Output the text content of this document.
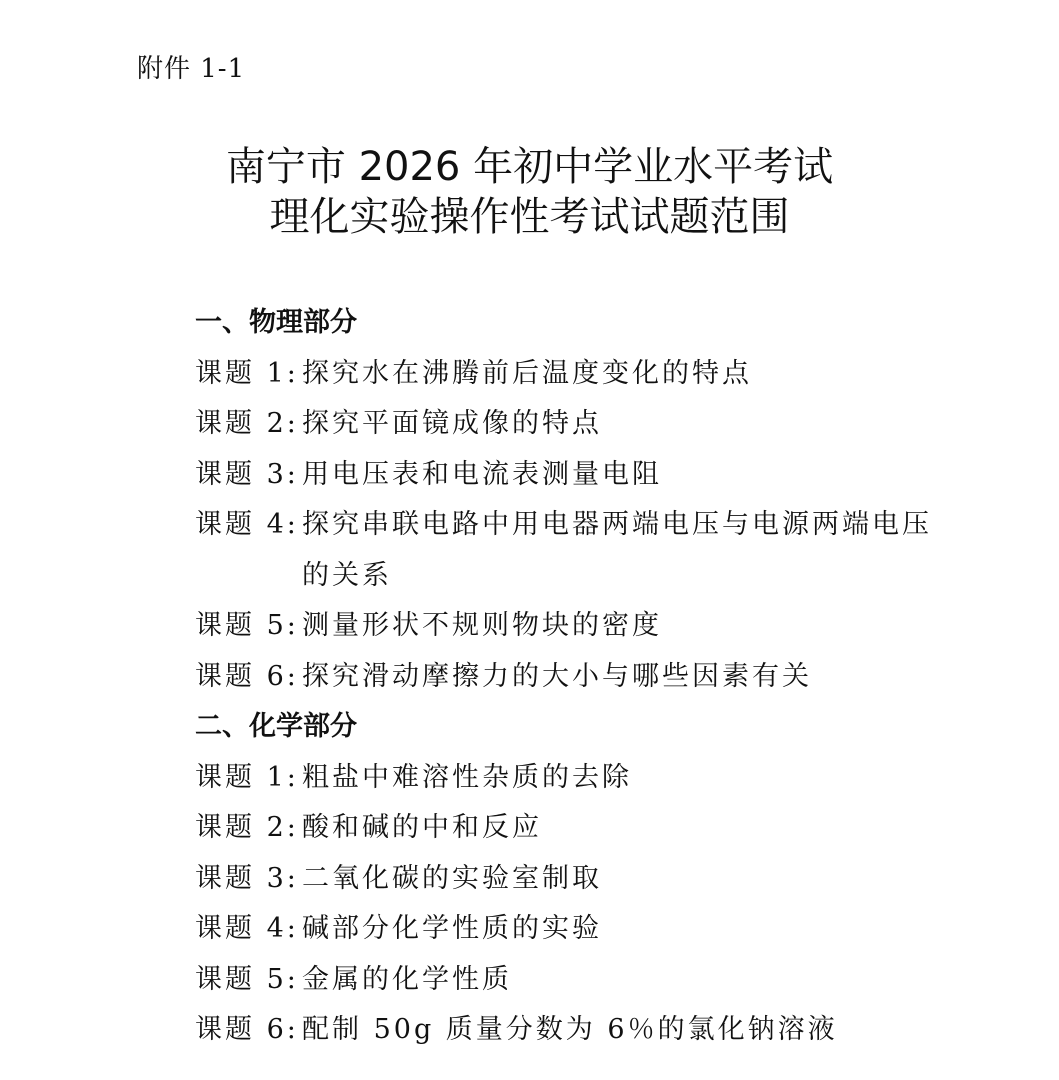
附件 1-1
南宁市 2026 年初中学业水平考试
理化实验操作性考试试题范围
一、物理部分
课题 1: 探究水在沸腾前后温度变化的特点
课题 2: 探究平面镜成像的特点
课题 3: 用电压表和电流表测量电阻
课题 4: 探究串联电路中用电器两端电压与电源两端电压的关系
课题 5: 测量形状不规则物块的密度
课题 6: 探究滑动摩擦力的大小与哪些因素有关
二、化学部分
课题 1: 粗盐中难溶性杂质的去除
课题 2: 酸和碱的中和反应
课题 3: 二氧化碳的实验室制取
课题 4: 碱部分化学性质的实验
课题 5: 金属的化学性质
课题 6: 配制 50g 质量分数为 6％的氯化钠溶液
